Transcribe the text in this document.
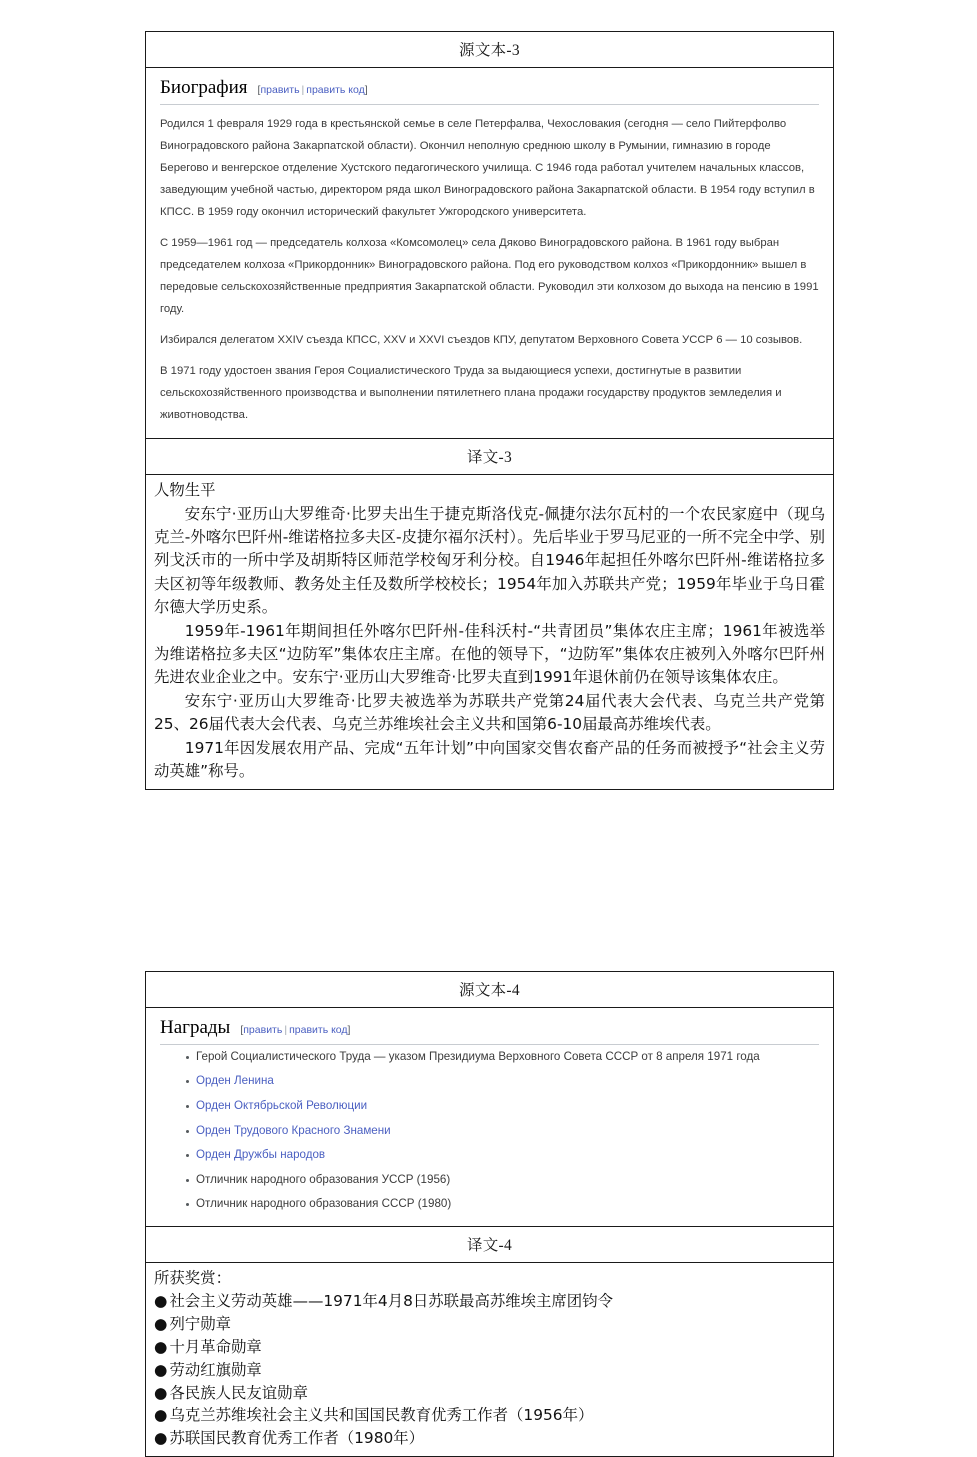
源文本-3
Биография [править | править код]

Родился 1 февраля 1929 года в крестьянской семье в селе Петерфалва, Чехословакия (сегодня — село Пийтерфолво Виноградовского района Закарпатской области). Окончил неполную среднюю школу в Румынии, гимназию в городе Берегово и венгерское отделение Хустского педагогического училища. С 1946 года работал учителем начальных классов, заведующим учебной частью, директором ряда школ Виноградовского района Закарпатской области. В 1954 году вступил в КПСС. В 1959 году окончил исторический факультет Ужгородского университета.

С 1959—1961 год — председатель колхоза «Комсомолец» села Дяково Виноградовского района. В 1961 году выбран председателем колхоза «Прикордонник» Виноградовского района. Под его руководством колхоз «Прикордонник» вышел в передовые сельскохозяйственные предприятия Закарпатской области. Руководил эти колхозом до выхода на пенсию в 1991 году.

Избирался делегатом XXIV съезда КПСС, XXV и XXVI съездов КПУ, депутатом Верховного Совета УССР 6 — 10 созывов.

В 1971 году удостоен звания Героя Социалистического Труда за выдающиеся успехи, достигнутые в развитии сельскохозяйственного производства и выполнении пятилетнего плана продажи государству продуктов земледелия и животноводства.

译文-3

人物生平

安东宁·亚历山大罗维奇·比罗夫出生于捷克斯洛伐克-佩捷尔法尔瓦村的一个农民家庭中（现乌克兰-外喀尔巴阡州-维诺格拉多夫区-皮捷尔福尔沃村）。先后毕业于罗马尼亚的一所不完全中学、别列戈沃市的一所中学及胡斯特区师范学校匈牙利分校。自1946年起担任外喀尔巴阡州-维诺格拉多夫区初等年级教师、教务处主任及数所学校校长；1954年加入苏联共产党；1959年毕业于乌日霍尔德大学历史系。

1959年-1961年期间担任外喀尔巴阡州-佳科沃村-“共青团员”集体农庄主席；1961年被选举为维诺格拉多夫区“边防军”集体农庄主席。在他的领导下，“边防军”集体农庄被列入外喀尔巴阡州先进农业企业之中。安东宁·亚历山大罗维奇·比罗夫直到1991年退休前仍在领导该集体农庄。

安东宁·亚历山大罗维奇·比罗夫被选举为苏联共产党第24届代表大会代表、乌克兰共产党第25、26届代表大会代表、乌克兰苏维埃社会主义共和国第6-10届最高苏维埃代表。

1971年因发展农用产品、完成“五年计划”中向国家交售农畜产品的任务而被授予“社会主义劳动英雄”称号。

源文本-4
Награды [править | править код]
Герой Социалистического Труда — указом Президиума Верховного Совета СССР от 8 апреля 1971 года
Орден Ленина
Орден Октябрьской Революции
Орден Трудового Красного Знамени
Орден Дружбы народов
Отличник народного образования УССР (1956)
Отличник народного образования СССР (1980)
译文-4

所获奖赏：

● 社会主义劳动英雄——1971年4月8日苏联最高苏维埃主席团钧令

● 列宁勋章

● 十月革命勋章

● 劳动红旗勋章

● 各民族人民友谊勋章

● 乌克兰苏维埃社会主义共和国国民教育优秀工作者（1956年）

● 苏联国民教育优秀工作者（1980年）
